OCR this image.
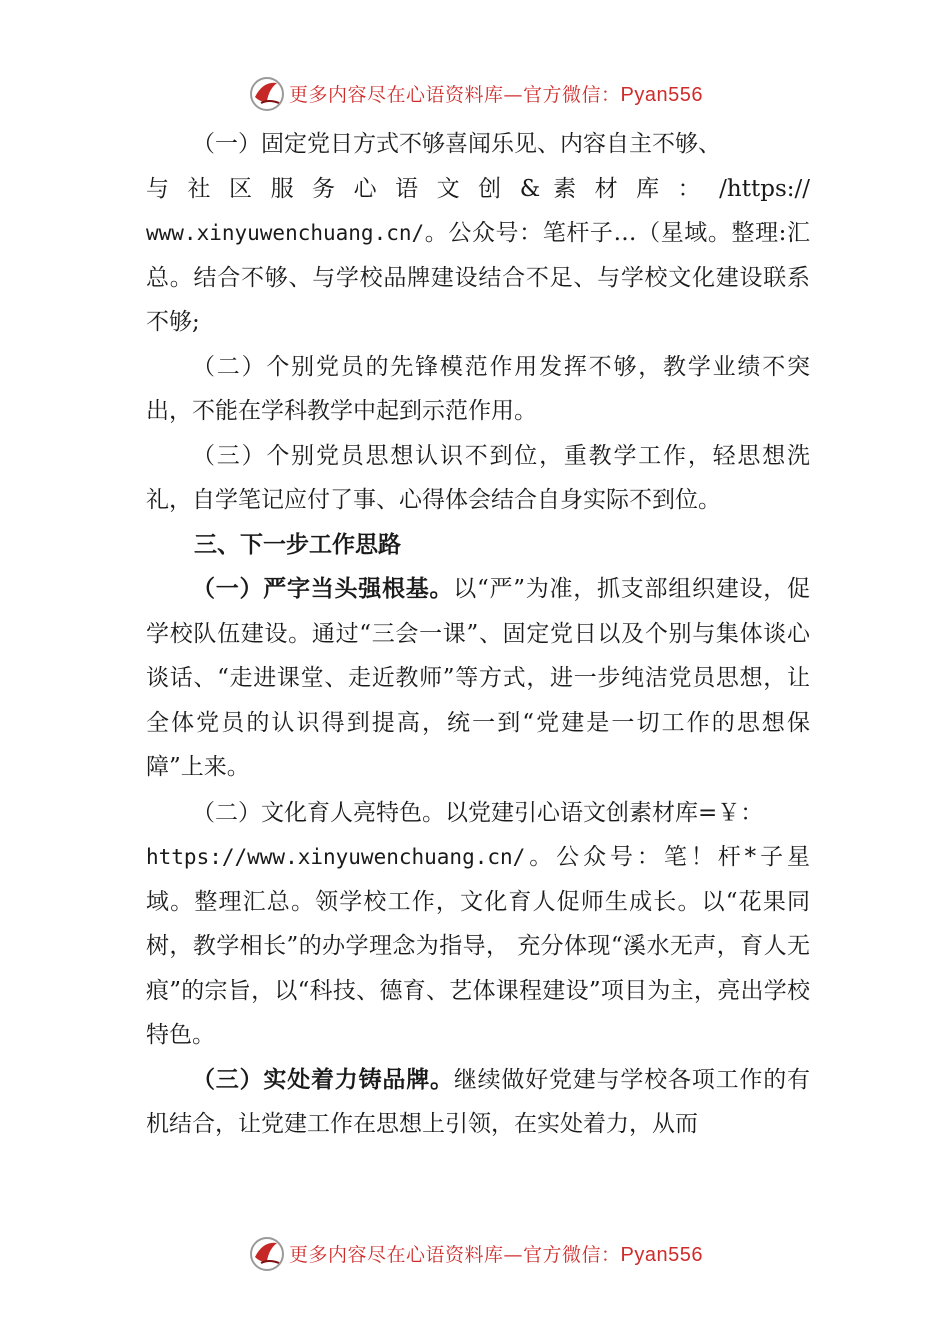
更多内容尽在心语资料库—官方微信： Pyan556

（一）固定党日方式不够喜闻乐见、内容自主不够、

与 社 区 服 务 心 语 文 创 & 素 材 库 ： /https://

www.xinyuwenchuang.cn/。公众号：笔杆子…（星域。整理:汇总。结合不够、与学校品牌建设结合不足、与学校文化建设联系不够;

（二）个别党员的先锋模范作用发挥不够，教学业绩不突出，不能在学科教学中起到示范作用。

（三）个别党员思想认识不到位，重教学工作，轻思想洗礼，自学笔记应付了事、心得体会结合自身实际不到位。

三、下一步工作思路

（一）严字当头强根基。以“严”为准，抓支部组织建设，促学校队伍建设。通过“三会一课”、固定党日以及个别与集体谈心谈话、“走进课堂、走近教师”等方式，进一步纯洁党员思想，让全体党员的认识得到提高，统一到“党建是一切工作的思想保障”上来。

（二）文化育人亮特色。以党建引心语文创素材库=￥：

https://www.xinyuwenchuang.cn/。公众号：笔！杆*子星域。整理汇总。领学校工作，文化育人促师生成长。以“花果同树，教学相长”的办学理念为指导， 充分体现“溪水无声，育人无痕”的宗旨，以“科技、德育、艺体课程建设”项目为主，亮出学校特色。

（三）实处着力铸品牌。继续做好党建与学校各项工作的有机结合，让党建工作在思想上引领，在实处着力，从而

更多内容尽在心语资料库—官方微信： Pyan556
